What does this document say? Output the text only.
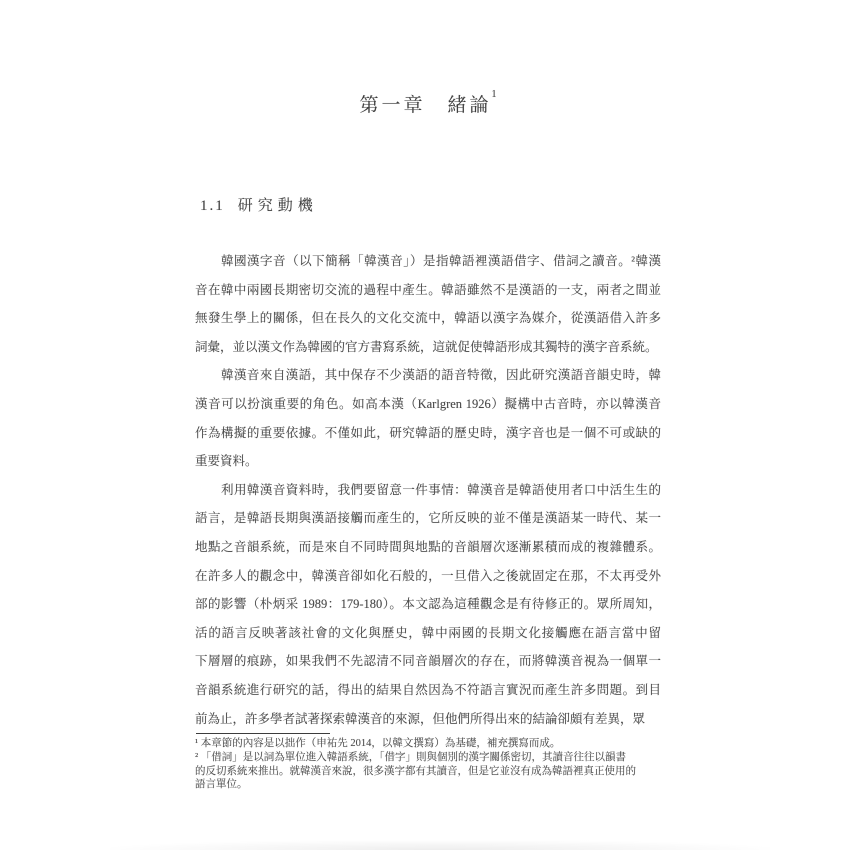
第一章　緒論$^1$
1.1 研究動機
韓國漢字音（以下簡稱「韓漢音」）是指韓語裡漢語借字、借詞之讀音。²韓漢
音在韓中兩國長期密切交流的過程中產生。韓語雖然不是漢語的一支，兩者之間並
無發生學上的關係，但在長久的文化交流中，韓語以漢字為媒介，從漢語借入許多
詞彙，並以漢文作為韓國的官方書寫系統，這就促使韓語形成其獨特的漢字音系統。
韓漢音來自漢語，其中保存不少漢語的語音特徵，因此研究漢語音韻史時，韓
漢音可以扮演重要的角色。如高本漢（Karlgren 1926）擬構中古音時，亦以韓漢音
作為構擬的重要依據。不僅如此，研究韓語的歷史時，漢字音也是一個不可或缺的
重要資料。
利用韓漢音資料時，我們要留意一件事情：韓漢音是韓語使用者口中活生生的
語言，是韓語長期與漢語接觸而產生的，它所反映的並不僅是漢語某一時代、某一
地點之音韻系統，而是來自不同時間與地點的音韻層次逐漸累積而成的複雜體系。
在許多人的觀念中，韓漢音卻如化石般的，一旦借入之後就固定在那，不太再受外
部的影響（朴炳采 1989：179-180）。本文認為這種觀念是有待修正的。眾所周知，
活的語言反映著該社會的文化與歷史，韓中兩國的長期文化接觸應在語言當中留
下層層的痕跡，如果我們不先認清不同音韻層次的存在，而將韓漢音視為一個單一
音韻系統進行研究的話，得出的結果自然因為不符語言實況而產生許多問題。到目
前為止，許多學者試著探索韓漢音的來源，但他們所得出來的結論卻頗有差異，眾
¹ 本章節的內容是以拙作（申祐先 2014，以韓文撰寫）為基礎，補充撰寫而成。
² 「借詞」是以詞為單位進入韓語系統，「借字」則與個別的漢字關係密切，其讀音往往以韻書
的反切系統來推出。就韓漢音來說，很多漢字都有其讀音，但是它並沒有成為韓語裡真正使用的
語言單位。
